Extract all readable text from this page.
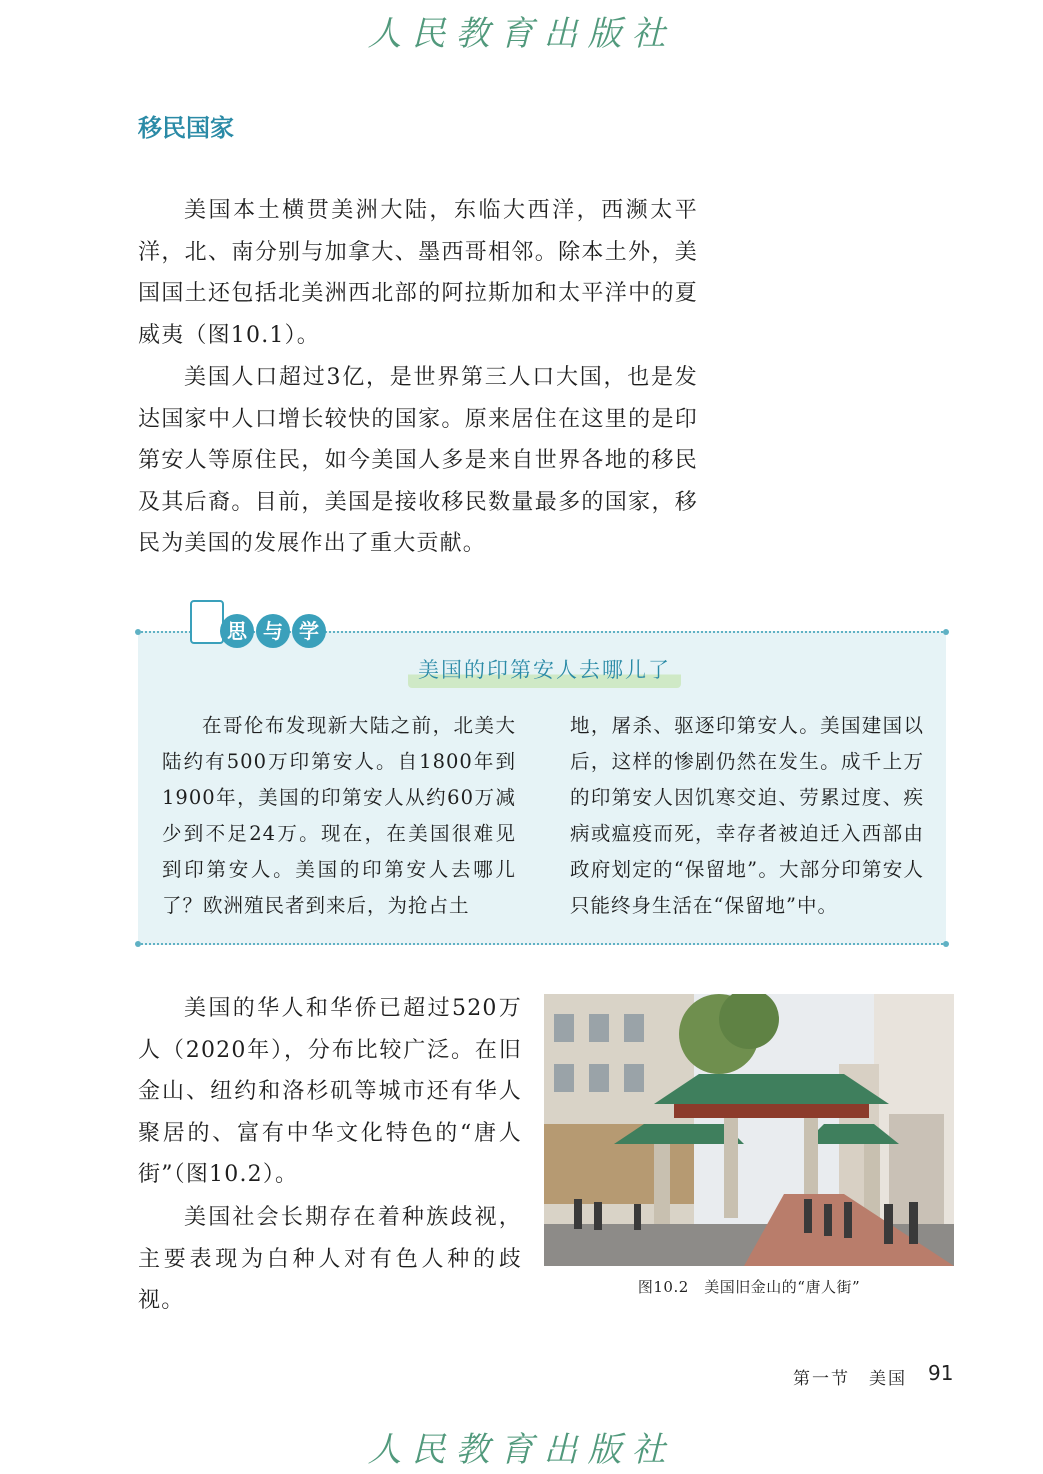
人民教育出版社
移民国家

美国本土横贯美洲大陆，东临大西洋，西濒太平洋，北、南分别与加拿大、墨西哥相邻。除本土外，美国国土还包括北美洲西北部的阿拉斯加和太平洋中的夏威夷（图10.1）。

美国人口超过3亿，是世界第三人口大国，也是发达国家中人口增长较快的国家。原来居住在这里的是印第安人等原住民，如今美国人多是来自世界各地的移民及其后裔。目前，美国是接收移民数量最多的国家，移民为美国的发展作出了重大贡献。

思 与 学
美国的印第安人去哪儿了

在哥伦布发现新大陆之前，北美大陆约有500万印第安人。自1800年到1900年，美国的印第安人从约60万减少到不足24万。现在，在美国很难见到印第安人。美国的印第安人去哪儿了？欧洲殖民者到来后，为抢占土

地，屠杀、驱逐印第安人。美国建国以后，这样的惨剧仍然在发生。成千上万的印第安人因饥寒交迫、劳累过度、疾病或瘟疫而死，幸存者被迫迁入西部由政府划定的“保留地”。大部分印第安人只能终身生活在“保留地”中。

美国的华人和华侨已超过520万人（2020年），分布比较广泛。在旧金山、纽约和洛杉矶等城市还有华人聚居的、富有中华文化特色的“唐人街”（图10.2）。

美国社会长期存在着种族歧视，主要表现为白种人对有色人种的歧视。

图10.2　美国旧金山的“唐人街”
第一节　美国 91
人民教育出版社
